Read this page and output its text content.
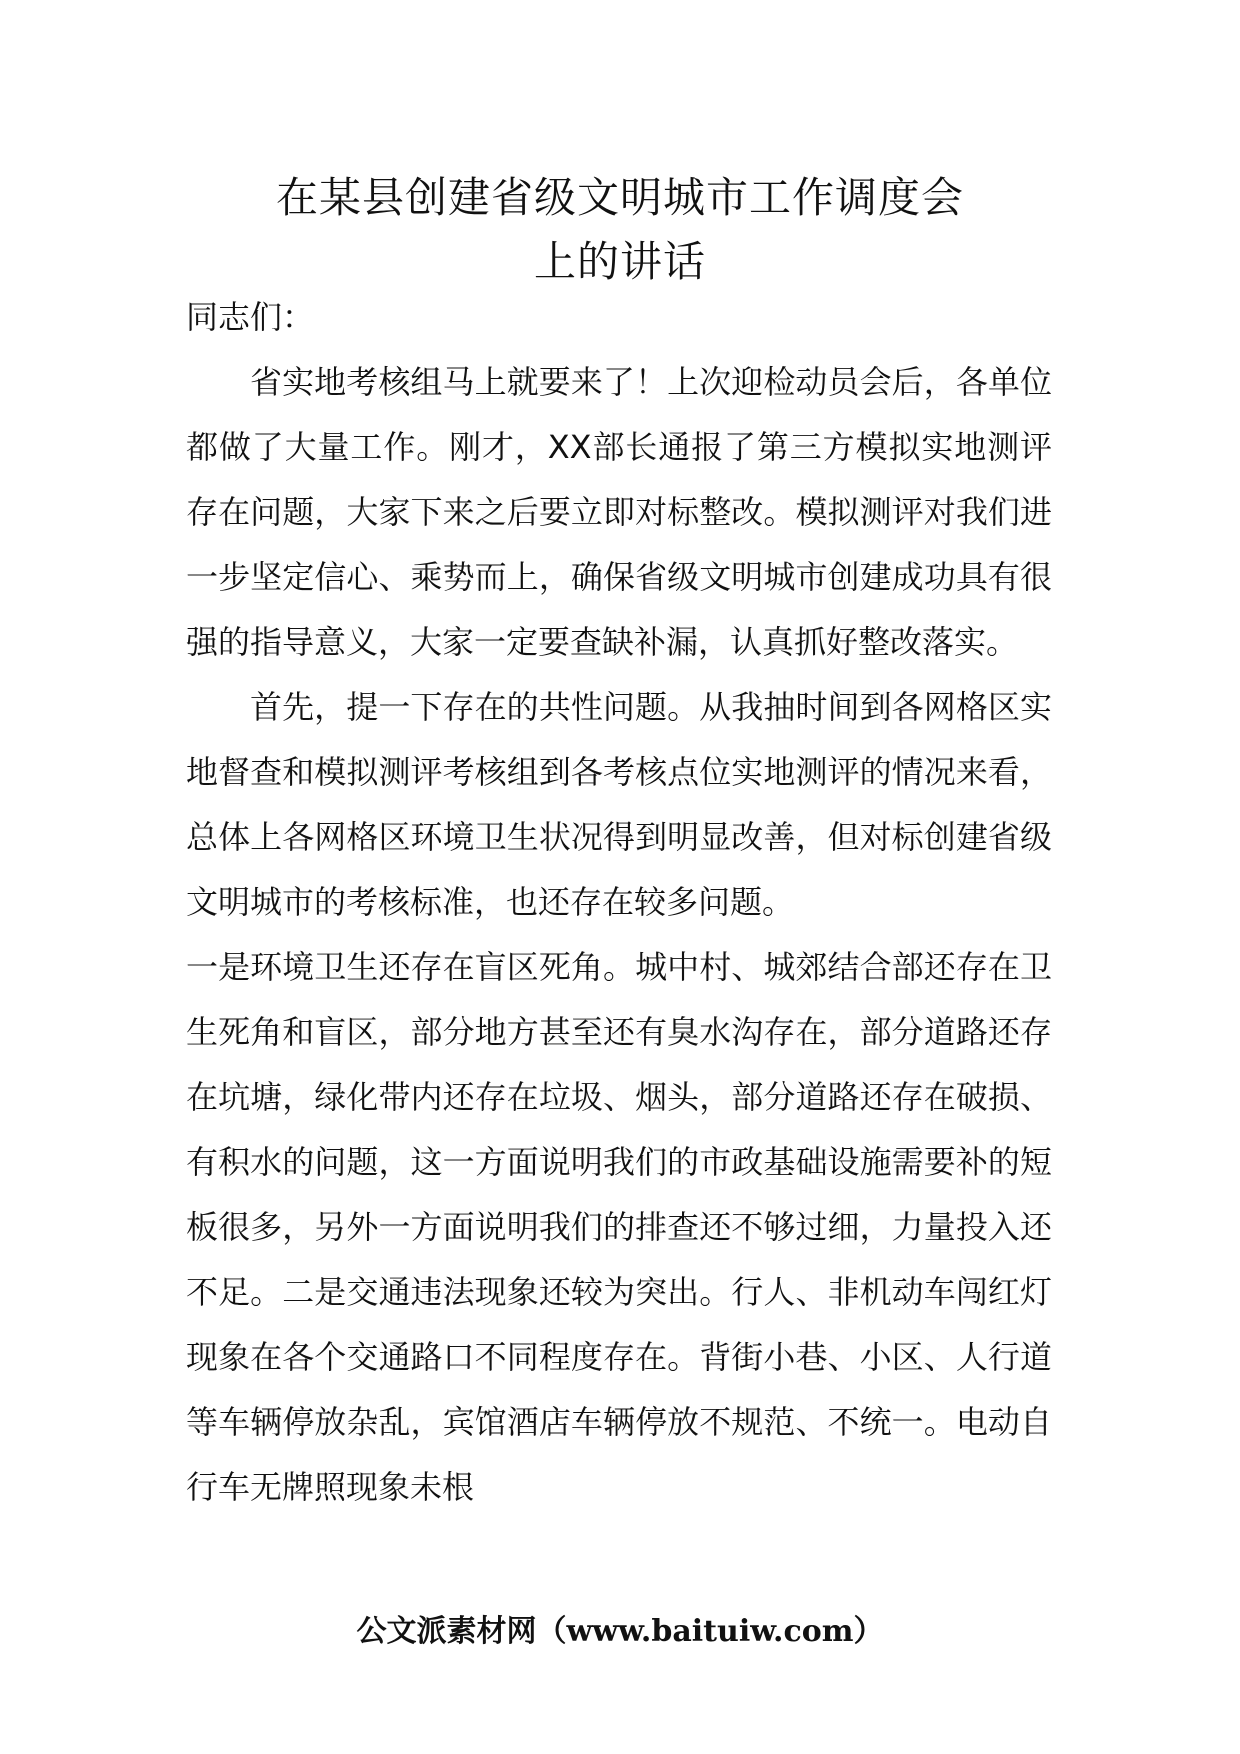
在某县创建省级文明城市工作调度会
上的讲话

同志们：

省实地考核组马上就要来了！上次迎检动员会后，各单位都做了大量工作。刚才，XX部长通报了第三方模拟实地测评存在问题，大家下来之后要立即对标整改。模拟测评对我们进一步坚定信心、乘势而上，确保省级文明城市创建成功具有很强的指导意义，大家一定要查缺补漏，认真抓好整改落实。

首先，提一下存在的共性问题。从我抽时间到各网格区实地督查和模拟测评考核组到各考核点位实地测评的情况来看，总体上各网格区环境卫生状况得到明显改善，但对标创建省级文明城市的考核标准，也还存在较多问题。

一是环境卫生还存在盲区死角。城中村、城郊结合部还存在卫生死角和盲区，部分地方甚至还有臭水沟存在，部分道路还存在坑塘，绿化带内还存在垃圾、烟头，部分道路还存在破损、有积水的问题，这一方面说明我们的市政基础设施需要补的短板很多，另外一方面说明我们的排查还不够过细，力量投入还不足。二是交通违法现象还较为突出。行人、非机动车闯红灯现象在各个交通路口不同程度存在。背街小巷、小区、人行道等车辆停放杂乱，宾馆酒店车辆停放不规范、不统一。电动自行车无牌照现象未根

公文派素材网（www.baituiw.com）
